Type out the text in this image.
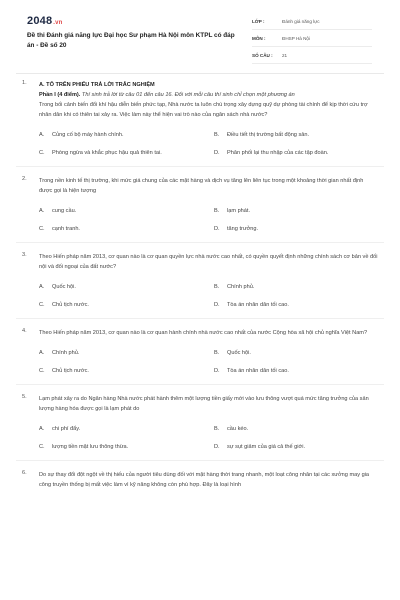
2048.vn
Đề thi Đánh giá năng lực Đại học Sư phạm Hà Nội môn KTPL có đáp án - Đề số 20
LỚP :	Đánh giá năng lực
MÔN :	ĐHSP Hà Nội
SỐ CÂU :	21
1. A. TÔ TRÊN PHIẾU TRẢ LỜI TRẮC NGHIỆM
Phần I (4 điểm). Thí sinh trả lời từ câu 01 đến câu 16. Đối với mỗi câu thí sinh chỉ chọn một phương án
Trong bối cảnh biến đổi khí hậu diễn biến phức tạp, Nhà nước ta luôn chú trọng xây dựng quỹ dự phòng tài chính để kịp thời cứu trợ nhân dân khi có thiên tai xảy ra. Việc làm này thể hiện vai trò nào của ngân sách nhà nước?
A.	Củng cố bộ máy hành chính.	B.	Điều tiết thị trường bất động sản.
C.	Phòng ngừa và khắc phục hậu quả thiên tai.	D.	Phân phối lại thu nhập của các tập đoàn.
2. Trong nền kinh tế thị trường, khi mức giá chung của các mặt hàng và dịch vụ tăng lên liên tục trong một khoảng thời gian nhất định được gọi là hiện tượng
A.	cung cầu.	B.	lạm phát.
C.	cạnh tranh.	D.	tăng trưởng.
3. Theo Hiến pháp năm 2013, cơ quan nào là cơ quan quyền lực nhà nước cao nhất, có quyền quyết định những chính sách cơ bản về đối nội và đối ngoại của đất nước?
A.	Quốc hội.	B.	Chính phủ.
C.	Chủ tịch nước.	D.	Tòa án nhân dân tối cao.
4. Theo Hiến pháp năm 2013, cơ quan nào là cơ quan hành chính nhà nước cao nhất của nước Cộng hòa xã hội chủ nghĩa Việt Nam?
A.	Chính phủ.	B.	Quốc hội.
C.	Chủ tịch nước.	D.	Tòa án nhân dân tối cao.
5. Lạm phát xảy ra do Ngân hàng Nhà nước phát hành thêm một lượng tiền giấy mới vào lưu thông vượt quá mức tăng trưởng của sản lượng hàng hóa được gọi là lạm phát do
A.	chi phí đẩy.	B.	cầu kéo.
C.	lượng tiền mặt lưu thông thừa.	D.	sự sụt giảm của giá cả thế giới.
6. Do sự thay đổi đột ngột về thị hiếu của người tiêu dùng đối với mặt hàng thời trang nhanh, một loạt công nhân tại các xưởng may gia công truyền thống bị mất việc làm vì kỹ năng không còn phù hợp. Đây là loại hình
